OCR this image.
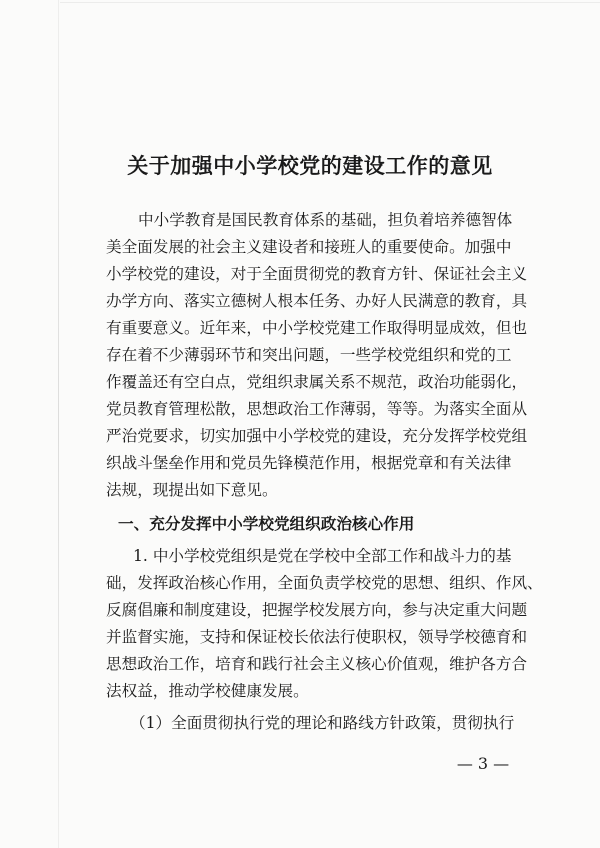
关于加强中小学校党的建设工作的意见
中小学教育是国民教育体系的基础，担负着培养德智体
美全面发展的社会主义建设者和接班人的重要使命。加强中
小学校党的建设，对于全面贯彻党的教育方针、保证社会主义
办学方向、落实立德树人根本任务、办好人民满意的教育，具
有重要意义。近年来，中小学校党建工作取得明显成效，但也
存在着不少薄弱环节和突出问题，一些学校党组织和党的工
作覆盖还有空白点，党组织隶属关系不规范，政治功能弱化，
党员教育管理松散，思想政治工作薄弱，等等。为落实全面从
严治党要求，切实加强中小学校党的建设，充分发挥学校党组
织战斗堡垒作用和党员先锋模范作用，根据党章和有关法律
法规，现提出如下意见。
一、充分发挥中小学校党组织政治核心作用
1. 中小学校党组织是党在学校中全部工作和战斗力的基
础，发挥政治核心作用，全面负责学校党的思想、组织、作风、
反腐倡廉和制度建设，把握学校发展方向，参与决定重大问题
并监督实施，支持和保证校长依法行使职权，领导学校德育和
思想政治工作，培育和践行社会主义核心价值观，维护各方合
法权益，推动学校健康发展。
（1）全面贯彻执行党的理论和路线方针政策，贯彻执行
— 3 —
